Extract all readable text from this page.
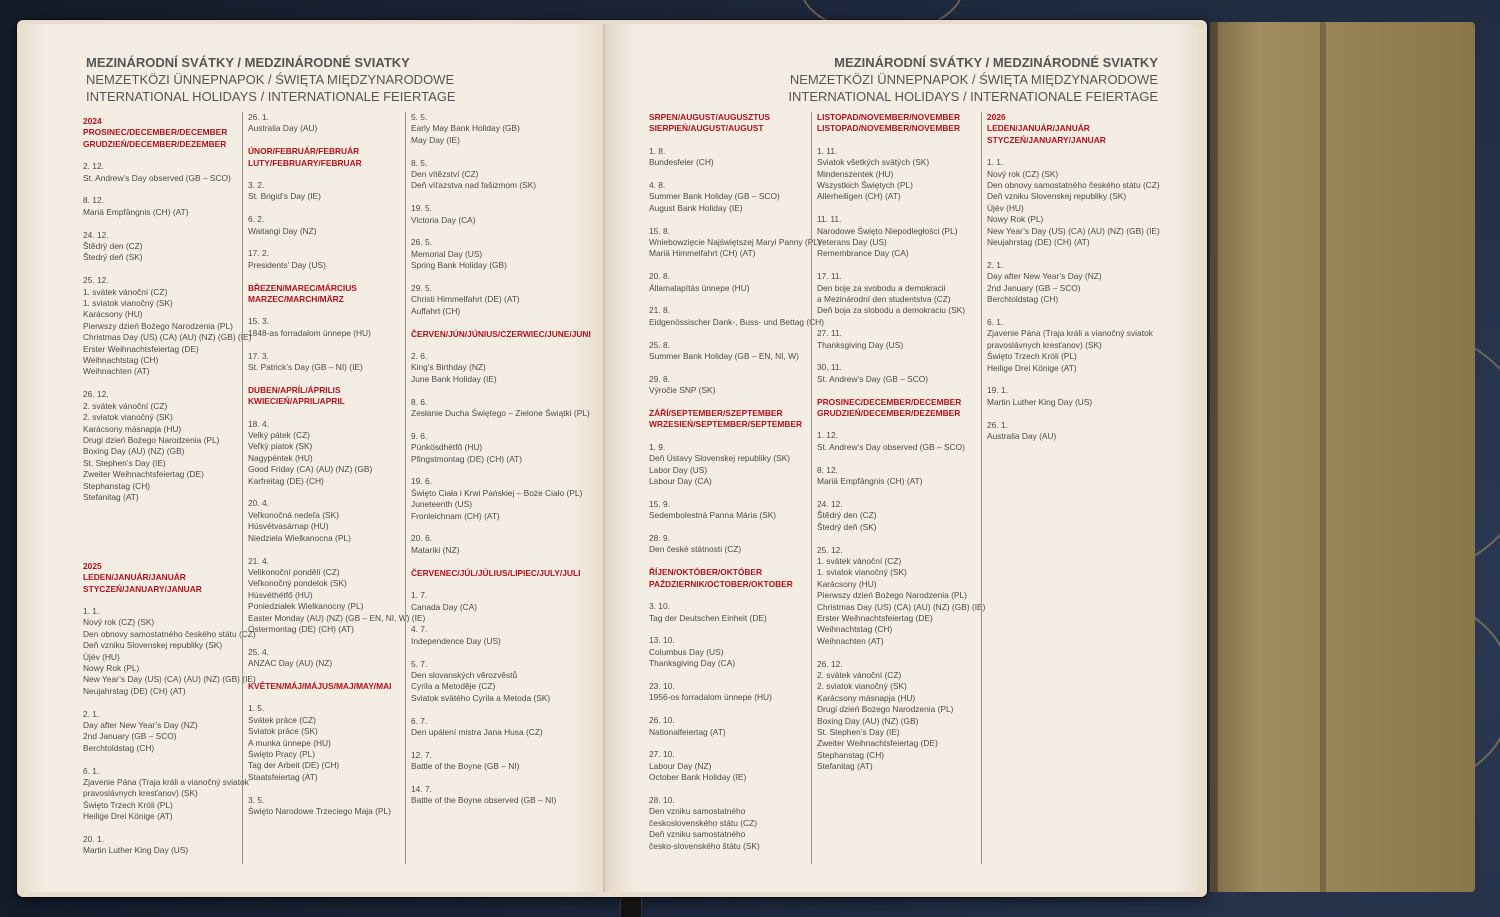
MEZINÁRODNÍ SVÁTKY / MEDZINÁRODNÉ SVIATKY
NEMZETKÖZI ÜNNEPNAPOK / ŚWIĘTA MIĘDZYNARODOWE
INTERNATIONAL HOLIDAYS / INTERNATIONALE FEIERTAGE
2024
PROSINEC/DECEMBER/DECEMBER
GRUDZIEŃ/DECEMBER/DEZEMBER
2. 12.
St. Andrew’s Day observed (GB – SCO)
8. 12.
Mariä Empfängnis (CH) (AT)
24. 12.
Štědrý den (CZ)
Štedrý deň (SK)
25. 12.
1. svátek vánoční (CZ)
1. sviatok vianočný (SK)
Karácsony (HU)
Pierwszy dzień Bożego Narodzenia (PL)
Christmas Day (US) (CA) (AU) (NZ) (GB) (IE)
Erster Weihnachtsfeiertag (DE)
Weihnachtstag (CH)
Weihnachten (AT)
26. 12.
2. svátek vánoční (CZ)
2. sviatok vianočný (SK)
Karácsony másnapja (HU)
Drugi dzień Bożego Narodzenia (PL)
Boxing Day (AU) (NZ) (GB)
St. Stephen’s Day (IE)
Zweiter Weihnachtsfeiertag (DE)
Stephanstag (CH)
Stefanitag (AT)
2025
LEDEN/JANUÁR/JANUÁR
STYCZEŃ/JANUARY/JANUAR
1. 1.
Nový rok (CZ) (SK)
Den obnovy samostatného českého státu (CZ)
Deň vzniku Slovenskej republiky (SK)
Újév (HU)
Nowy Rok (PL)
New Year’s Day (US) (CA) (AU) (NZ) (GB) (IE)
Neujahrstag (DE) (CH) (AT)
2. 1.
Day after New Year’s Day (NZ)
2nd January (GB – SCO)
Berchtoldstag (CH)
6. 1.
Zjavenie Pána (Traja králi a vianočný sviatok
pravoslávnych kresťanov) (SK)
Święto Trzech Króli (PL)
Heilige Drei Könige (AT)
20. 1.
Martin Luther King Day (US)
26. 1.
Australia Day (AU)
ÚNOR/FEBRUÁR/FEBRUÁR
LUTY/FEBRUARY/FEBRUAR
3. 2.
St. Brigid’s Day (IE)
6. 2.
Waitangi Day (NZ)
17. 2.
Presidents’ Day (US)
BŘEZEN/MAREC/MÁRCIUS
MARZEC/MARCH/MÄRZ
15. 3.
1848-as forradalom ünnepe (HU)
17. 3.
St. Patrick’s Day (GB – NI) (IE)
DUBEN/APRÍL/ÁPRILIS
KWIECIEŃ/APRIL/APRIL
18. 4.
Velký pátek (CZ)
Veľký piatok (SK)
Nagypéntek (HU)
Good Friday (CA) (AU) (NZ) (GB)
Karfreitag (DE) (CH)
20. 4.
Veľkonočná nedeľa (SK)
Húsvétvasárnap (HU)
Niedziela Wielkanocna (PL)
21. 4.
Velikonoční pondělí (CZ)
Veľkonočný pondelok (SK)
Húsvéthétfő (HU)
Poniedziałek Wielkanocny (PL)
Easter Monday (AU) (NZ) (GB – EN, NI, W) (IE)
Ostermontag (DE) (CH) (AT)
25. 4.
ANZAC Day (AU) (NZ)
KVĚTEN/MÁJ/MÁJUS/MAJ/MAY/MAI
1. 5.
Svátek práce (CZ)
Sviatok práce (SK)
A munka ünnepe (HU)
Święto Pracy (PL)
Tag der Arbeit (DE) (CH)
Staatsfeiertag (AT)
3. 5.
Święto Narodowe Trzeciego Maja (PL)
5. 5.
Early May Bank Holiday (GB)
May Day (IE)
8. 5.
Den vítězství (CZ)
Deň víťazstva nad fašizmom (SK)
19. 5.
Victoria Day (CA)
26. 5.
Memorial Day (US)
Spring Bank Holiday (GB)
29. 5.
Christi Himmelfahrt (DE) (AT)
Auffahrt (CH)
ČERVEN/JÚN/JÚNIUS/CZERWIEC/JUNE/JUNI
2. 6.
King’s Birthday (NZ)
June Bank Holiday (IE)
8. 6.
Zesłanie Ducha Świętego – Zielone Świątki (PL)
9. 6.
Pünkösdhétfő (HU)
Pfingstmontag (DE) (CH) (AT)
19. 6.
Święto Ciała i Krwi Pańskiej – Boże Ciało (PL)
Juneteenth (US)
Fronleichnam (CH) (AT)
20. 6.
Matariki (NZ)
ČERVENEC/JÚL/JÚLIUS/LIPIEC/JULY/JULI
1. 7.
Canada Day (CA)
4. 7.
Independence Day (US)
5. 7.
Den slovanských věrozvěstů
Cyrila a Metoděje (CZ)
Sviatok svätého Cyrila a Metoda (SK)
6. 7.
Den upálení mistra Jana Husa (CZ)
12. 7.
Battle of the Boyne (GB – NI)
14. 7.
Battle of the Boyne observed (GB – NI)
MEZINÁRODNÍ SVÁTKY / MEDZINÁRODNÉ SVIATKY
NEMZETKÖZI ÜNNEPNAPOK / ŚWIĘTA MIĘDZYNARODOWE
INTERNATIONAL HOLIDAYS / INTERNATIONALE FEIERTAGE
SRPEN/AUGUST/AUGUSZTUS
SIERPIEŃ/AUGUST/AUGUST
1. 8.
Bundesfeier (CH)
4. 8.
Summer Bank Holiday (GB – SCO)
August Bank Holiday (IE)
15. 8.
Wniebowzięcie Najświętszej Maryi Panny (PL)
Mariä Himmelfahrt (CH) (AT)
20. 8.
Államalapítás ünnepe (HU)
21. 8.
Eidgenössischer Dank-, Buss- und Bettag (CH)
25. 8.
Summer Bank Holiday (GB – EN, NI, W)
29. 8.
Výročie SNP (SK)
ZÁŘÍ/SEPTEMBER/SZEPTEMBER
WRZESIEŃ/SEPTEMBER/SEPTEMBER
1. 9.
Deň Ústavy Slovenskej republiky (SK)
Labor Day (US)
Labour Day (CA)
15. 9.
Sedembolestná Panna Mária (SK)
28. 9.
Den české státnosti (CZ)
ŘÍJEN/OKTÓBER/OKTÓBER
PAŹDZIERNIK/OCTOBER/OKTOBER
3. 10.
Tag der Deutschen Einheit (DE)
13. 10.
Columbus Day (US)
Thanksgiving Day (CA)
23. 10.
1956-os forradalom ünnepe (HU)
26. 10.
Nationalfeiertag (AT)
27. 10.
Labour Day (NZ)
October Bank Holiday (IE)
28. 10.
Den vzniku samostatného
československého státu (CZ)
Deň vzniku samostatného
česko-slovenského štátu (SK)
LISTOPAD/NOVEMBER/NOVEMBER
LISTOPAD/NOVEMBER/NOVEMBER
1. 11.
Sviatok všetkých svätých (SK)
Mindenszentek (HU)
Wszystkich Świętych (PL)
Allerheiligen (CH) (AT)
11. 11.
Narodowe Święto Niepodległości (PL)
Veterans Day (US)
Remembrance Day (CA)
17. 11.
Den boje za svobodu a demokracii
a Mezinárodní den studentstva (CZ)
Deň boja za slobodu a demokraciu (SK)
27. 11.
Thanksgiving Day (US)
30. 11.
St. Andrew’s Day (GB – SCO)
PROSINEC/DECEMBER/DECEMBER
GRUDZIEŃ/DECEMBER/DEZEMBER
1. 12.
St. Andrew’s Day observed (GB – SCO)
8. 12.
Mariä Empfängnis (CH) (AT)
24. 12.
Štědrý den (CZ)
Štedrý deň (SK)
25. 12.
1. svátek vánoční (CZ)
1. sviatok vianočný (SK)
Karácsony (HU)
Pierwszy dzień Bożego Narodzenia (PL)
Christmas Day (US) (CA) (AU) (NZ) (GB) (IE)
Erster Weihnachtsfeiertag (DE)
Weihnachtstag (CH)
Weihnachten (AT)
26. 12.
2. svátek vánoční (CZ)
2. sviatok vianočný (SK)
Karácsony másnapja (HU)
Drugi dzień Bożego Narodzenia (PL)
Boxing Day (AU) (NZ) (GB)
St. Stephen’s Day (IE)
Zweiter Weihnachtsfeiertag (DE)
Stephanstag (CH)
Stefanitag (AT)
2026
LEDEN/JANUÁR/JANUÁR
STYCZEŃ/JANUARY/JANUAR
1. 1.
Nový rok (CZ) (SK)
Den obnovy samostatného českého státu (CZ)
Deň vzniku Slovenskej republiky (SK)
Újév (HU)
Nowy Rok (PL)
New Year’s Day (US) (CA) (AU) (NZ) (GB) (IE)
Neujahrstag (DE) (CH) (AT)
2. 1.
Day after New Year’s Day (NZ)
2nd January (GB – SCO)
Berchtoldstag (CH)
6. 1.
Zjavenie Pána (Traja králi a vianočný sviatok
pravoslávnych kresťanov) (SK)
Święto Trzech Króli (PL)
Heilige Drei Könige (AT)
19. 1.
Martin Luther King Day (US)
26. 1.
Australia Day (AU)
